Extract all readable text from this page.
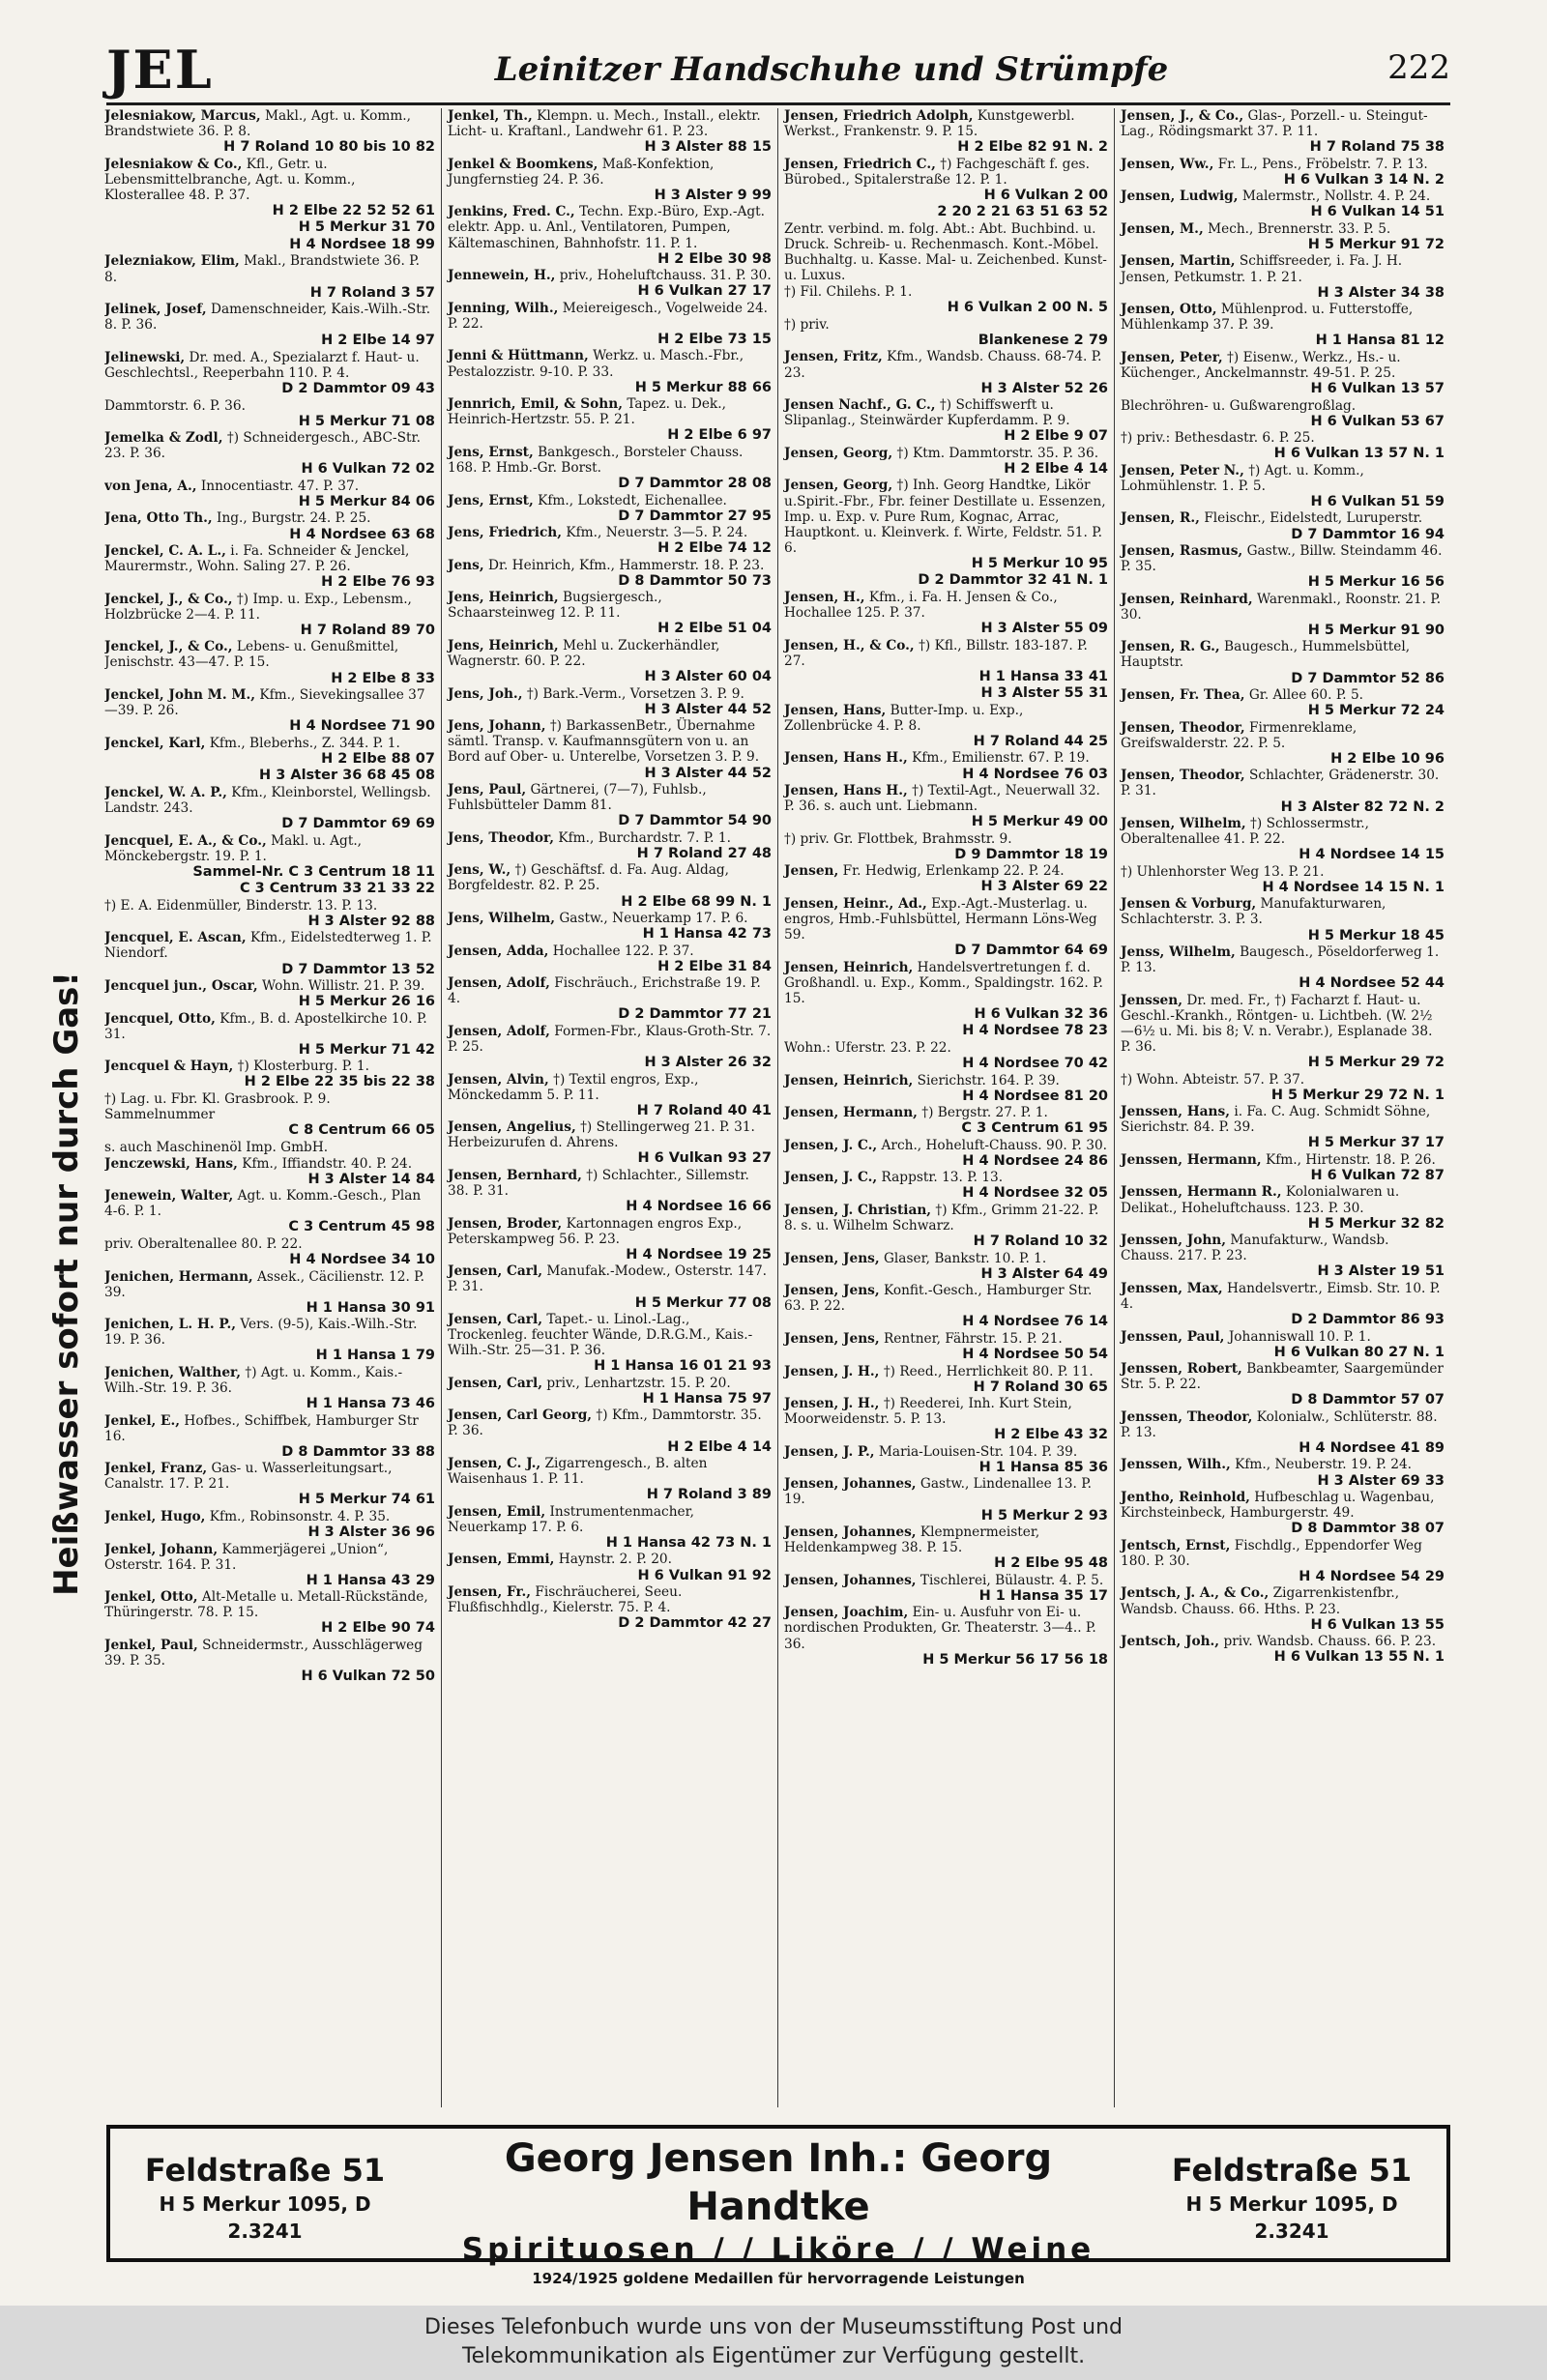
JEL	Leinitzer Handschuhe und Strümpfe	222
Heißwasser sofort nur durch Gas!
Jelesniakow, Marcus, Makl., Agt. u. Komm., Brandstwiete 36. P. 8.
H 7 Roland 10 80 bis 10 82
Jelesniakow & Co., Kfl., Getr. u. Lebensmittelbranche, Agt. u. Komm., Klosterallee 48. P. 37.
H 2 Elbe 22 52 52 61
H 5 Merkur 31 70
H 4 Nordsee 18 99
Jeleznіakow, Elim, Makl., Brandstwiete 36. P. 8.
H 7 Roland 3 57
Jelinek, Josef, Damenschneider, Kais.-Wilh.-Str. 8. P. 36.
H 2 Elbe 14 97
Jelinewski, Dr. med. A., Spezialarzt f. Haut- u. Geschlechtsl., Reeperbahn 110. P. 4.
D 2 Dammtor 09 43
Dammtorstr. 6. P. 36.
H 5 Merkur 71 08
Jemelka & Zodl, †) Schneidergesch., ABC-Str. 23. P. 36.
H 6 Vulkan 72 02
von Jena, A., Innocentiastr. 47. P. 37.
H 5 Merkur 84 06
Jena, Otto Th., Ing., Burgstr. 24. P. 25.
H 4 Nordsee 63 68
Jenckel, C. A. L., i. Fa. Schneider & Jenckel, Maurermstr., Wohn. Saling 27. P. 26.
H 2 Elbe 76 93
Jenckel, J., & Co., †) Imp. u. Exp., Lebensm., Holzbrücke 2—4. P. 11.
H 7 Roland 89 70
Jenckel, J., & Co., Lebens- u. Genußmittel, Jenischstr. 43—47. P. 15.
H 2 Elbe 8 33
Jenckel, John M. M., Kfm., Sievekingsallee 37—39. P. 26.
H 4 Nordsee 71 90
Jenckel, Karl, Kfm., Bleberhs., Z. 344. P. 1.
H 2 Elbe 88 07
H 3 Alster 36 68 45 08
Jenckel, W. A. P., Kfm., Kleinborstel, Wellingsb. Landstr. 243.
D 7 Dammtor 69 69
Jencquel, E. A., & Co., Makl. u. Agt., Mönckebergstr. 19. P. 1.
Sammel-Nr. C 3 Centrum 18 11
C 3 Centrum 33 21 33 22
†) E. A. Eidenmüller, Binderstr. 13. P. 13.
H 3 Alster 92 88
Jencquel, E. Ascan, Kfm., Eidelstedterweg 1. P. Niendorf.
D 7 Dammtor 13 52
Jencquel jun., Oscar, Wohn. Willistr. 21. P. 39.
H 5 Merkur 26 16
Jencquel, Otto, Kfm., B. d. Apostelkirche 10. P. 31.
H 5 Merkur 71 42
Jencquel & Hayn, †) Klosterburg. P. 1.
H 2 Elbe 22 35 bis 22 38
†) Lag. u. Fbr. Kl. Grasbrook. P. 9. Sammelnummer
C 8 Centrum 66 05
s. auch Maschinenöl Imp. GmbH.
Jenczewski, Hans, Kfm., Iffiandstr. 40. P. 24.
H 3 Alster 14 84
Jenewein, Walter, Agt. u. Komm.-Gesch., Plan 4-6. P. 1.
C 3 Centrum 45 98
priv. Oberaltenallee 80. P. 22.
H 4 Nordsee 34 10
Jenichen, Hermann, Assek., Cäcilienstr. 12. P. 39.
H 1 Hansa 30 91
Jenichen, L. H. P., Vers. (9-5), Kais.-Wilh.-Str. 19. P. 36.
H 1 Hansa 1 79
Jenichen, Walther, †) Agt. u. Komm., Kais.-Wilh.-Str. 19. P. 36.
H 1 Hansa 73 46
Jenkel, E., Hofbes., Schiffbek, Hamburger Str 16.
D 8 Dammtor 33 88
Jenkel, Franz, Gas- u. Wasserleitungsart., Canalstr. 17. P. 21.
H 5 Merkur 74 61
Jenkel, Hugo, Kfm., Robinsonstr. 4. P. 35.
H 3 Alster 36 96
Jenkel, Johann, Kammerjägerei „Union“, Osterstr. 164. P. 31.
H 1 Hansa 43 29
Jenkel, Otto, Alt-Metalle u. Metall-Rückstände, Thüringerstr. 78. P. 15.
H 2 Elbe 90 74
Jenkel, Paul, Schneidermstr., Ausschlägerweg 39. P. 35.
H 6 Vulkan 72 50
Jenkel, Th., Klempn. u. Mech., Install., elektr. Licht- u. Kraftanl., Landwehr 61. P. 23.
H 3 Alster 88 15
Jenkel & Boomkens, Maß-Konfektion, Jungfernstieg 24. P. 36.
H 3 Alster 9 99
Jenkins, Fred. C., Techn. Exp.-Büro, Exp.-Agt. elektr. App. u. Anl., Ventilatoren, Pumpen, Kältemaschinen, Bahnhofstr. 11. P. 1.
H 2 Elbe 30 98
Jennewein, H., priv., Hoheluftchauss. 31. P. 30.
H 6 Vulkan 27 17
Jenning, Wilh., Meiereigesch., Vogelweide 24. P. 22.
H 2 Elbe 73 15
Jenni & Hüttmann, Werkz. u. Masch.-Fbr., Pestalozzistr. 9-10. P. 33.
H 5 Merkur 88 66
Jennrich, Emil, & Sohn, Tapez. u. Dek., Heinrich-Hertzstr. 55. P. 21.
H 2 Elbe 6 97
Jens, Ernst, Bankgesch., Borsteler Chauss. 168. P. Hmb.-Gr. Borst.
D 7 Dammtor 28 08
Jens, Ernst, Kfm., Lokstedt, Eichenallee.
D 7 Dammtor 27 95
Jens, Friedrich, Kfm., Neuerstr. 3—5. P. 24.
H 2 Elbe 74 12
Jens, Dr. Heinrich, Kfm., Hammerstr. 18. P. 23.
D 8 Dammtor 50 73
Jens, Heinrich, Bugsiergesch., Schaarsteinweg 12. P. 11.
H 2 Elbe 51 04
Jens, Heinrich, Mehl u. Zuckerhändler, Wagnerstr. 60. P. 22.
H 3 Alster 60 04
Jens, Joh., †) Bark.-Verm., Vorsetzen 3. P. 9.
H 3 Alster 44 52
Jens, Johann, †) BarkassenBetr., Übernahme sämtl. Transp. v. Kaufmannsgütern von u. an Bord auf Ober- u. Unterelbe, Vorsetzen 3. P. 9.
H 3 Alster 44 52
Jens, Paul, Gärtnerei, (7—7), Fuhlsb., Fuhlsbütteler Damm 81.
D 7 Dammtor 54 90
Jens, Theodor, Kfm., Burchardstr. 7. P. 1.
H 7 Roland 27 48
Jens, W., †) Geschäftsf. d. Fa. Aug. Aldag, Borgfeldestr. 82. P. 25.
H 2 Elbe 68 99 N. 1
Jens, Wilhelm, Gastw., Neuerkamp 17. P. 6.
H 1 Hansa 42 73
Jensen, Adda, Hochallee 122. P. 37.
H 2 Elbe 31 84
Jensen, Adolf, Fischräuch., Erichstraße 19. P. 4.
D 2 Dammtor 77 21
Jensen, Adolf, Formen-Fbr., Klaus-Groth-Str. 7. P. 25.
H 3 Alster 26 32
Jensen, Alvin, †) Textil engros, Exp., Mönckedamm 5. P. 11.
H 7 Roland 40 41
Jensen, Angelius, †) Stellingerweg 21. P. 31. Herbeizurufen d. Ahrens.
H 6 Vulkan 93 27
Jensen, Bernhard, †) Schlachter., Sillemstr. 38. P. 31.
H 4 Nordsee 16 66
Jensen, Broder, Kartonnagen engros Exp., Peterskampweg 56. P. 23.
H 4 Nordsee 19 25
Jensen, Carl, Manufak.-Modew., Osterstr. 147. P. 31.
H 5 Merkur 77 08
Jensen, Carl, Tapet.- u. Linol.-Lag., Trockenleg. feuchter Wände, D.R.G.M., Kais.-Wilh.-Str. 25—31. P. 36.
H 1 Hansa 16 01 21 93
Jensen, Carl, priv., Lenhartzstr. 15. P. 20.
H 1 Hansa 75 97
Jensen, Carl Georg, †) Kfm., Dammtorstr. 35. P. 36.
H 2 Elbe 4 14
Jensen, C. J., Zigarrengesch., B. alten Waisenhaus 1. P. 11.
H 7 Roland 3 89
Jensen, Emil, Instrumentenmacher, Neuerkamp 17. P. 6.
H 1 Hansa 42 73 N. 1
Jensen, Emmi, Haynstr. 2. P. 20.
H 6 Vulkan 91 92
Jensen, Fr., Fischräucherei, Seeu. Flußfischhdlg., Kielerstr. 75. P. 4.
D 2 Dammtor 42 27
Jensen, Friedrich Adolph, Kunstgewerbl. Werkst., Frankenstr. 9. P. 15.
H 2 Elbe 82 91 N. 2
Jensen, Friedrich C., †) Fachgeschäft f. ges. Bürobed., Spitalerstraße 12. P. 1.
H 6 Vulkan 2 00
2 20 2 21 63 51 63 52
Zentr. verbind. m. folg. Abt.: Abt. Buchbind. u. Druck. Schreib- u. Rechenmasch. Kont.-Möbel. Buchhaltg. u. Kasse. Mal- u. Zeichenbed. Kunst- u. Luxus.
†) Fil. Chilehs. P. 1.
H 6 Vulkan 2 00 N. 5
†) priv.
Blankenese 2 79
Jensen, Fritz, Kfm., Wandsb. Chauss. 68-74. P. 23.
H 3 Alster 52 26
Jensen Nachf., G. C., †) Schiffswerft u. Slipanlag., Steinwärder Kupferdamm. P. 9.
H 2 Elbe 9 07
Jensen, Georg, †) Ktm. Dammtorstr. 35. P. 36.
H 2 Elbe 4 14
Jensen, Georg, †) Inh. Georg Handtke, Likör u.Spirit.-Fbr., Fbr. feiner Destillate u. Essenzen, Imp. u. Exp. v. Pure Rum, Kognac, Arrac, Hauptkont. u. Kleinverk. f. Wirte, Feldstr. 51. P. 6.
H 5 Merkur 10 95
D 2 Dammtor 32 41 N. 1
Jensen, H., Kfm., i. Fa. H. Jensen & Co., Hochallee 125. P. 37.
H 3 Alster 55 09
Jensen, H., & Co., †) Kfl., Billstr. 183-187. P. 27.
H 1 Hansa 33 41
H 3 Alster 55 31
Jensen, Hans, Butter-Imp. u. Exp., Zollenbrücke 4. P. 8.
H 7 Roland 44 25
Jensen, Hans H., Kfm., Emilienstr. 67. P. 19.
H 4 Nordsee 76 03
Jensen, Hans H., †) Textil-Agt., Neuerwall 32. P. 36. s. auch unt. Liebmann.
H 5 Merkur 49 00
†) priv. Gr. Flottbek, Brahmsstr. 9.
D 9 Dammtor 18 19
Jensen, Fr. Hedwig, Erlenkamp 22. P. 24.
H 3 Alster 69 22
Jensen, Heinr., Ad., Exp.-Agt.-Musterlag. u. engros, Hmb.-Fuhlsbüttel, Hermann Löns-Weg 59.
D 7 Dammtor 64 69
Jensen, Heinrich, Handelsvertretungen f. d. Großhandl. u. Exp., Komm., Spaldingstr. 162. P. 15.
H 6 Vulkan 32 36
H 4 Nordsee 78 23
Wohn.: Uferstr. 23. P. 22.
H 4 Nordsee 70 42
Jensen, Heinrich, Sierichstr. 164. P. 39.
H 4 Nordsee 81 20
Jensen, Hermann, †) Bergstr. 27. P. 1.
C 3 Centrum 61 95
Jensen, J. C., Arch., Hoheluft-Chauss. 90. P. 30.
H 4 Nordsee 24 86
Jensen, J. C., Rappstr. 13. P. 13.
H 4 Nordsee 32 05
Jensen, J. Christian, †) Kfm., Grimm 21-22. P. 8. s. u. Wilhelm Schwarz.
H 7 Roland 10 32
Jensen, Jens, Glaser, Bankstr. 10. P. 1.
H 3 Alster 64 49
Jensen, Jens, Konfit.-Gesch., Hamburger Str. 63. P. 22.
H 4 Nordsee 76 14
Jensen, Jens, Rentner, Fährstr. 15. P. 21.
H 4 Nordsee 50 54
Jensen, J. H., †) Reed., Herrlichkeit 80. P. 11.
H 7 Roland 30 65
Jensen, J. H., †) Reederei, Inh. Kurt Stein, Moorweidenstr. 5. P. 13.
H 2 Elbe 43 32
Jensen, J. P., Maria-Louisen-Str. 104. P. 39.
H 1 Hansa 85 36
Jensen, Johannes, Gastw., Lindenallee 13. P. 19.
H 5 Merkur 2 93
Jensen, Johannes, Klempnermeister, Heldenkampweg 38. P. 15.
H 2 Elbe 95 48
Jensen, Johannes, Tischlerei, Bülaustr. 4. P. 5.
H 1 Hansa 35 17
Jensen, Joachim, Ein- u. Ausfuhr von Ei- u. nordischen Produkten, Gr. Theaterstr. 3—4.. P. 36.
H 5 Merkur 56 17 56 18
Jensen, J., & Co., Glas-, Porzell.- u. Steingut-Lag., Rödingsmarkt 37. P. 11.
H 7 Roland 75 38
Jensen, Ww., Fr. L., Pens., Fröbelstr. 7. P. 13.
H 6 Vulkan 3 14 N. 2
Jensen, Ludwig, Malermstr., Nollstr. 4. P. 24.
H 6 Vulkan 14 51
Jensen, M., Mech., Brennerstr. 33. P. 5.
H 5 Merkur 91 72
Jensen, Martin, Schiffsreeder, i. Fa. J. H. Jensen, Petkumstr. 1. P. 21.
H 3 Alster 34 38
Jensen, Otto, Mühlenprod. u. Futterstoffe, Mühlenkamp 37. P. 39.
H 1 Hansa 81 12
Jensen, Peter, †) Eisenw., Werkz., Hs.- u. Küchenger., Anckelmannstr. 49-51. P. 25.
H 6 Vulkan 13 57
Blechröhren- u. Gußwarengroßlag.
H 6 Vulkan 53 67
†) priv.: Bethesdastr. 6. P. 25.
H 6 Vulkan 13 57 N. 1
Jensen, Peter N., †) Agt. u. Komm., Lohmühlenstr. 1. P. 5.
H 6 Vulkan 51 59
Jensen, R., Fleischr., Eidelstedt, Luruperstr.
D 7 Dammtor 16 94
Jensen, Rasmus, Gastw., Billw. Steindamm 46. P. 35.
H 5 Merkur 16 56
Jensen, Reinhard, Warenmakl., Roonstr. 21. P. 30.
H 5 Merkur 91 90
Jensen, R. G., Baugesch., Hummelsbüttel, Hauptstr.
D 7 Dammtor 52 86
Jensen, Fr. Thea, Gr. Allee 60. P. 5.
H 5 Merkur 72 24
Jensen, Theodor, Firmenreklame, Greifswalderstr. 22. P. 5.
H 2 Elbe 10 96
Jensen, Theodor, Schlachter, Grädenerstr. 30. P. 31.
H 3 Alster 82 72 N. 2
Jensen, Wilhelm, †) Schlossermstr., Oberaltenallee 41. P. 22.
H 4 Nordsee 14 15
†) Uhlenhorster Weg 13. P. 21.
H 4 Nordsee 14 15 N. 1
Jensen & Vorburg, Manufakturwaren, Schlachterstr. 3. P. 3.
H 5 Merkur 18 45
Jenss, Wilhelm, Baugesch., Pöseldorferweg 1. P. 13.
H 4 Nordsee 52 44
Jenssen, Dr. med. Fr., †) Facharzt f. Haut- u. Geschl.-Krankh., Röntgen- u. Lichtbeh. (W. 2½—6½ u. Mi. bis 8; V. n. Verabr.), Esplanade 38. P. 36.
H 5 Merkur 29 72
†) Wohn. Abteistr. 57. P. 37.
H 5 Merkur 29 72 N. 1
Jenssen, Hans, i. Fa. C. Aug. Schmidt Söhne, Sierichstr. 84. P. 39.
H 5 Merkur 37 17
Jenssen, Hermann, Kfm., Hirtenstr. 18. P. 26.
H 6 Vulkan 72 87
Jenssen, Hermann R., Kolonialwaren u. Delikat., Hoheluftchauss. 123. P. 30.
H 5 Merkur 32 82
Jenssen, John, Manufakturw., Wandsb. Chauss. 217. P. 23.
H 3 Alster 19 51
Jenssen, Max, Handelsvertr., Eimsb. Str. 10. P. 4.
D 2 Dammtor 86 93
Jenssen, Paul, Johanniswall 10. P. 1.
H 6 Vulkan 80 27 N. 1
Jenssen, Robert, Bankbeamter, Saargemünder Str. 5. P. 22.
D 8 Dammtor 57 07
Jenssen, Theodor, Kolonialw., Schlüterstr. 88. P. 13.
H 4 Nordsee 41 89
Jenssen, Wilh., Kfm., Neuberstr. 19. P. 24.
H 3 Alster 69 33
Jentho, Reinhold, Hufbeschlag u. Wagenbau, Kirchsteinbeck, Hamburgerstr. 49.
D 8 Dammtor 38 07
Jentsch, Ernst, Fischdlg., Eppendorfer Weg 180. P. 30.
H 4 Nordsee 54 29
Jentsch, J. A., & Co., Zigarrenkistenfbr., Wandsb. Chauss. 66. Hths. P. 23.
H 6 Vulkan 13 55
Jentsch, Joh., priv. Wandsb. Chauss. 66. P. 23.
H 6 Vulkan 13 55 N. 1
Feldstraße 51
H 5 Merkur 1095, D 2.3241
Georg Jensen Inh.: Georg Handtke
Spirituosen / / Liköre / / Weine
1924/1925 goldene Medaillen für hervorragende Leistungen
Feldstraße 51
H 5 Merkur 1095, D 2.3241
Dieses Telefonbuch wurde uns von der Museumsstiftung Post und
Telekommunikation als Eigentümer zur Verfügung gestellt.
